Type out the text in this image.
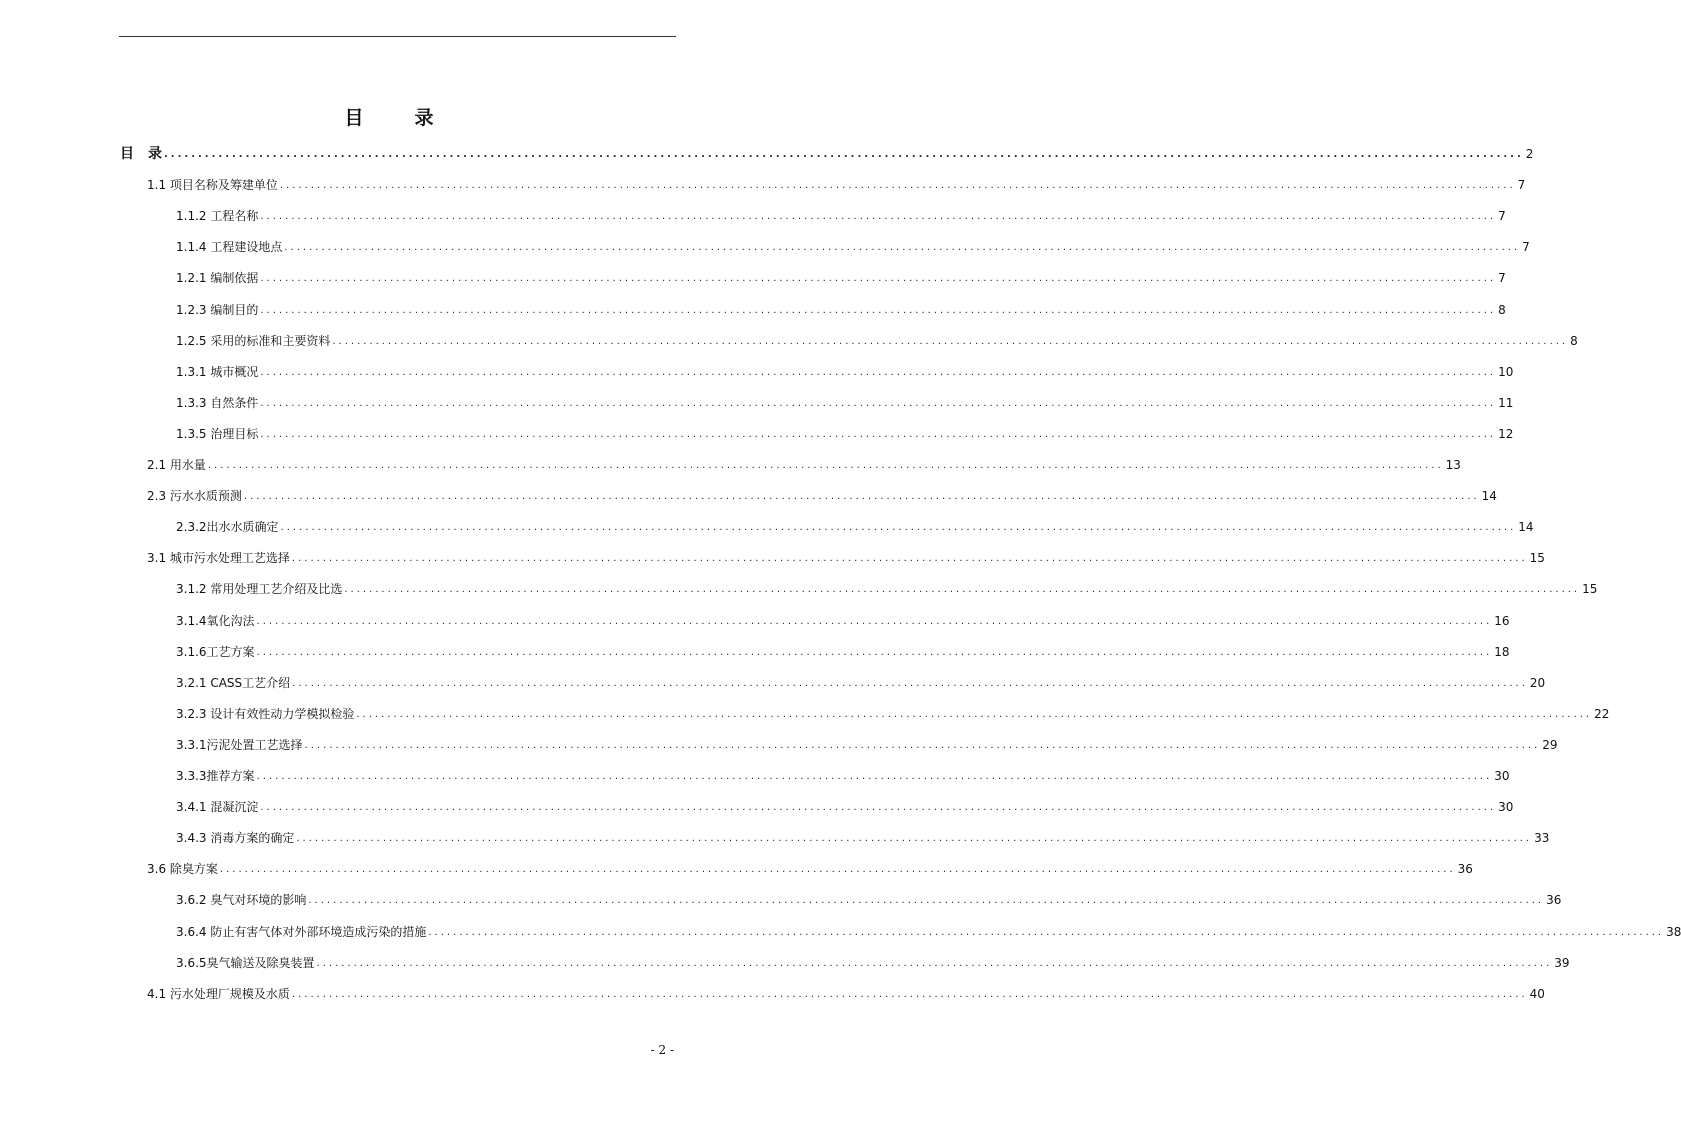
目　录
目　录 ........................................................................................................................................................................................................ 2
1.1 项目名称及筹建单位 ........................................................................................................................................................................................................ 7
1.1.2 工程名称 ........................................................................................................................................................................................................ 7
1.1.4 工程建设地点 ........................................................................................................................................................................................................ 7
1.2.1 编制依据 ........................................................................................................................................................................................................ 7
1.2.3 编制目的 ........................................................................................................................................................................................................ 8
1.2.5 采用的标准和主要资料 ........................................................................................................................................................................................................ 8
1.3.1 城市概况 ........................................................................................................................................................................................................ 10
1.3.3 自然条件 ........................................................................................................................................................................................................ 11
1.3.5 治理目标 ........................................................................................................................................................................................................ 12
2.1 用水量 ........................................................................................................................................................................................................ 13
2.3 污水水质预测 ........................................................................................................................................................................................................ 14
2.3.2出水水质确定 ........................................................................................................................................................................................................ 14
3.1 城市污水处理工艺选择 ........................................................................................................................................................................................................ 15
3.1.2 常用处理工艺介绍及比选 ........................................................................................................................................................................................................ 15
3.1.4氧化沟法 ........................................................................................................................................................................................................ 16
3.1.6工艺方案 ........................................................................................................................................................................................................ 18
3.2.1 CASS工艺介绍 ........................................................................................................................................................................................................ 20
3.2.3 设计有效性动力学模拟检验 ........................................................................................................................................................................................................ 22
3.3.1污泥处置工艺选择 ........................................................................................................................................................................................................ 29
3.3.3推荐方案 ........................................................................................................................................................................................................ 30
3.4.1 混凝沉淀 ........................................................................................................................................................................................................ 30
3.4.3 消毒方案的确定 ........................................................................................................................................................................................................ 33
3.6 除臭方案 ........................................................................................................................................................................................................ 36
3.6.2 臭气对环境的影响 ........................................................................................................................................................................................................ 36
3.6.4 防止有害气体对外部环境造成污染的措施 ........................................................................................................................................................................................................ 38
3.6.5臭气输送及除臭装置 ........................................................................................................................................................................................................ 39
4.1 污水处理厂规模及水质 ........................................................................................................................................................................................................ 40
- 2 -
